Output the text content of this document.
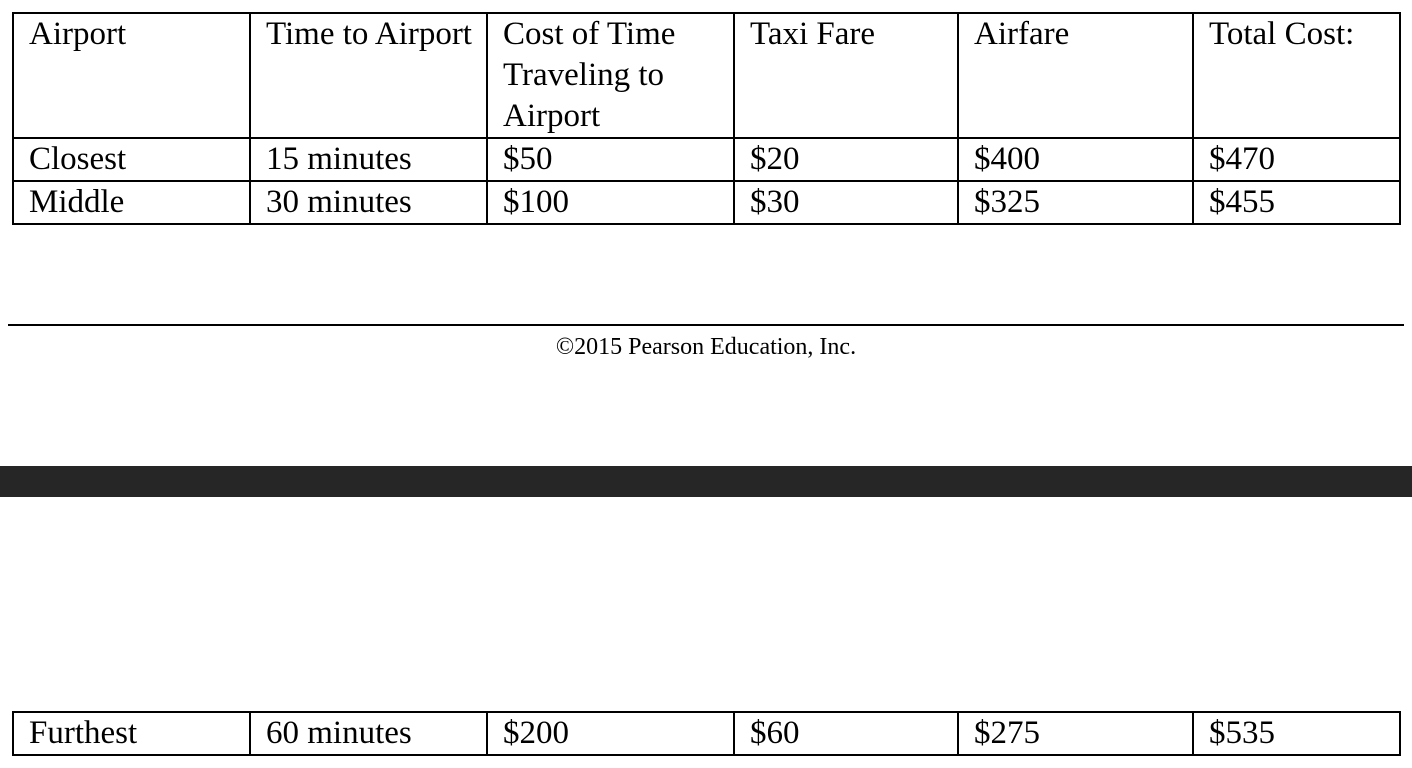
Airport	Time to Airport	Cost of Time Traveling to Airport	Taxi Fare	Airfare	Total Cost:
Closest	15 minutes	$50	$20	$400	$470
Middle	30 minutes	$100	$30	$325	$455
©2015 Pearson Education, Inc.
Furthest	60 minutes	$200	$60	$275	$535
